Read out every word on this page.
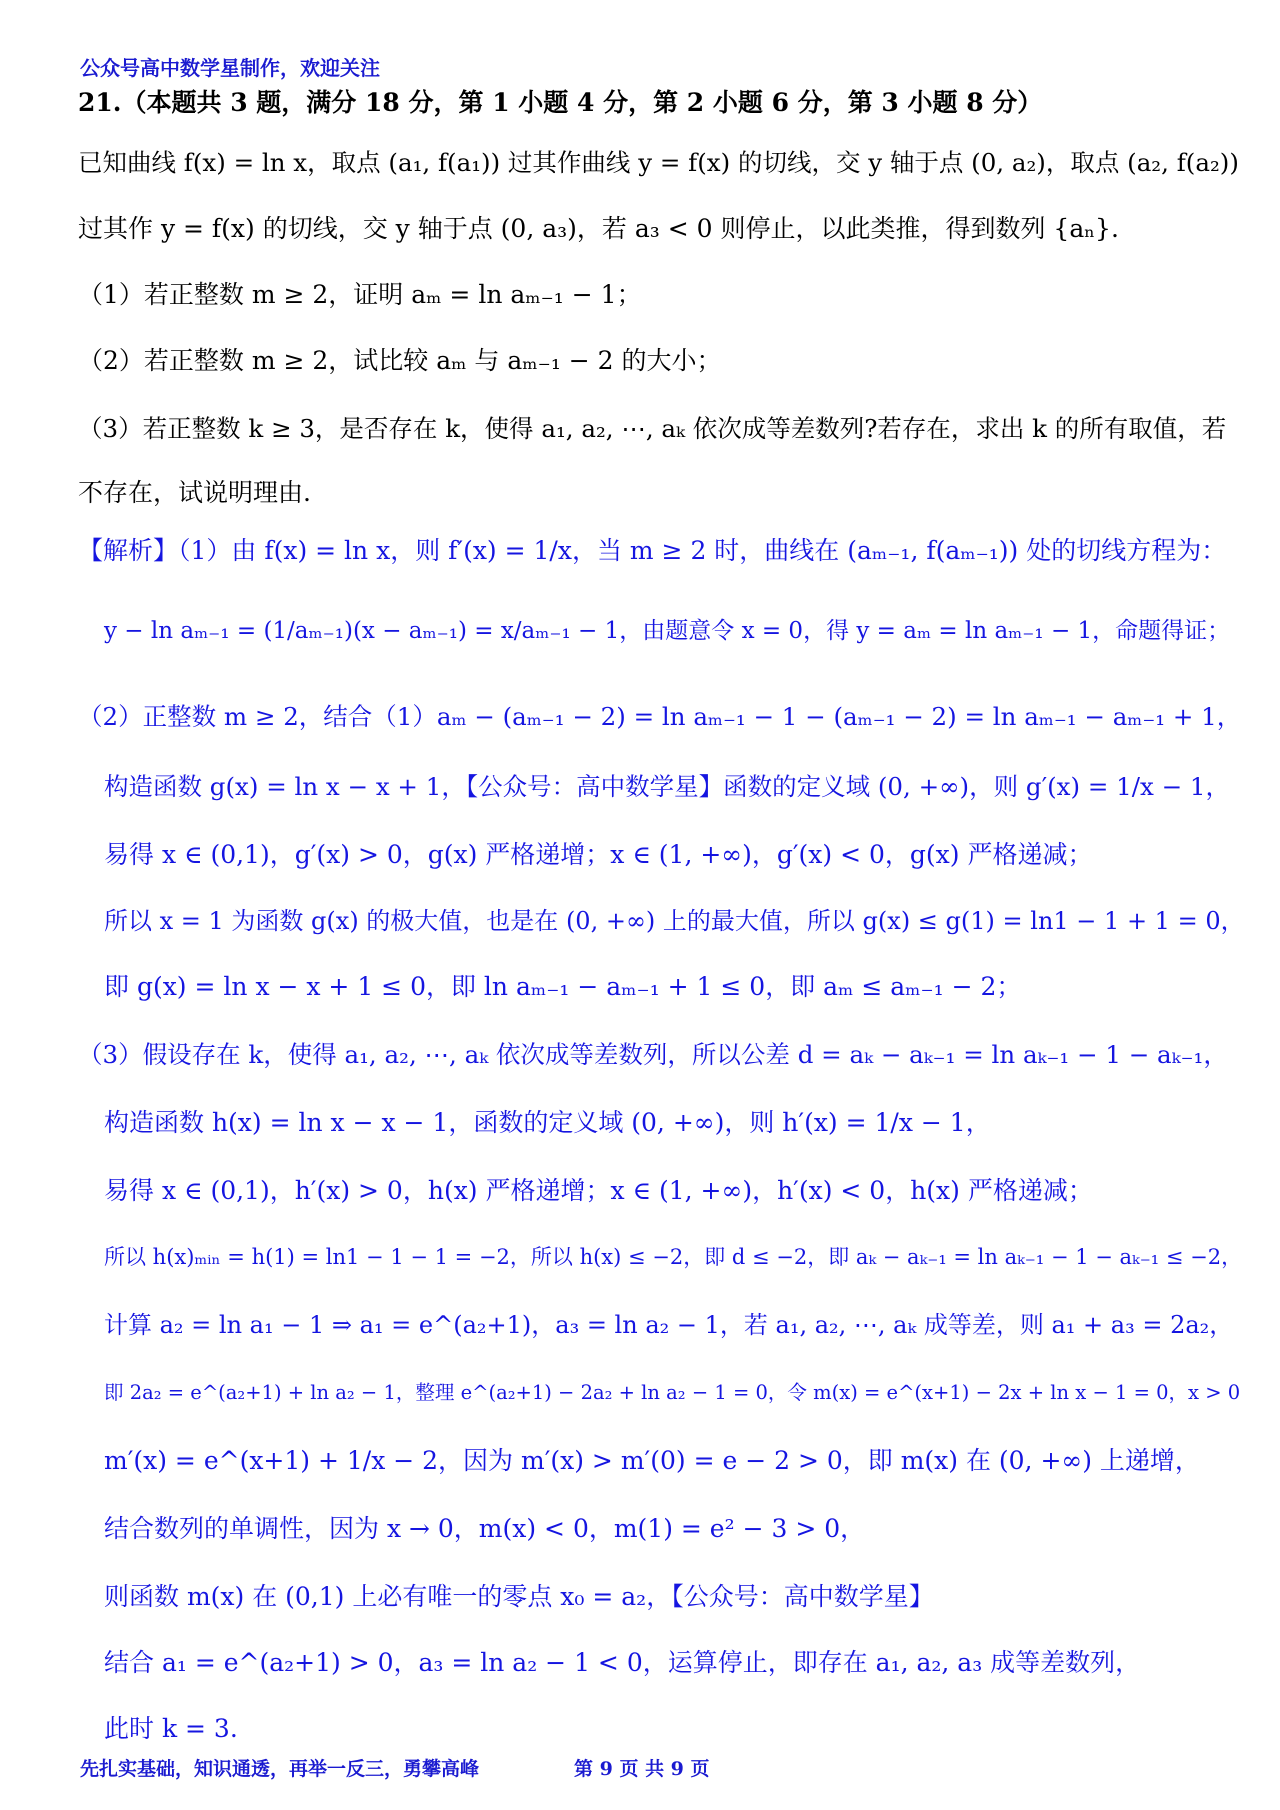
公众号高中数学星制作，欢迎关注
21.（本题共 3 题，满分 18 分，第 1 小题 4 分，第 2 小题 6 分，第 3 小题 8 分）
已知曲线 f(x) = ln x，取点 (a₁, f(a₁)) 过其作曲线 y = f(x) 的切线，交 y 轴于点 (0, a₂)，取点 (a₂, f(a₂))
过其作 y = f(x) 的切线，交 y 轴于点 (0, a₃)，若 a₃ < 0 则停止，以此类推，得到数列 {aₙ}.
（1）若正整数 m ≥ 2，证明 aₘ = ln aₘ₋₁ − 1；
（2）若正整数 m ≥ 2，试比较 aₘ 与 aₘ₋₁ − 2 的大小；
（3）若正整数 k ≥ 3，是否存在 k，使得 a₁, a₂, ⋯, aₖ 依次成等差数列?若存在，求出 k 的所有取值，若
不存在，试说明理由.
【解析】（1）由 f(x) = ln x，则 f′(x) = 1/x，当 m ≥ 2 时，曲线在 (aₘ₋₁, f(aₘ₋₁)) 处的切线方程为：
y − ln aₘ₋₁ = (1/aₘ₋₁)(x − aₘ₋₁) = x/aₘ₋₁ − 1，由题意令 x = 0，得 y = aₘ = ln aₘ₋₁ − 1，命题得证；
（2）正整数 m ≥ 2，结合（1）aₘ − (aₘ₋₁ − 2) = ln aₘ₋₁ − 1 − (aₘ₋₁ − 2) = ln aₘ₋₁ − aₘ₋₁ + 1，
构造函数 g(x) = ln x − x + 1，【公众号：高中数学星】函数的定义域 (0, +∞)，则 g′(x) = 1/x − 1，
易得 x ∈ (0,1)，g′(x) > 0，g(x) 严格递增；x ∈ (1, +∞)，g′(x) < 0，g(x) 严格递减；
所以 x = 1 为函数 g(x) 的极大值，也是在 (0, +∞) 上的最大值，所以 g(x) ≤ g(1) = ln1 − 1 + 1 = 0，
即 g(x) = ln x − x + 1 ≤ 0，即 ln aₘ₋₁ − aₘ₋₁ + 1 ≤ 0，即 aₘ ≤ aₘ₋₁ − 2；
（3）假设存在 k，使得 a₁, a₂, ⋯, aₖ 依次成等差数列，所以公差 d = aₖ − aₖ₋₁ = ln aₖ₋₁ − 1 − aₖ₋₁，
构造函数 h(x) = ln x − x − 1，函数的定义域 (0, +∞)，则 h′(x) = 1/x − 1，
易得 x ∈ (0,1)，h′(x) > 0，h(x) 严格递增；x ∈ (1, +∞)，h′(x) < 0，h(x) 严格递减；
所以 h(x)ₘᵢₙ = h(1) = ln1 − 1 − 1 = −2，所以 h(x) ≤ −2，即 d ≤ −2，即 aₖ − aₖ₋₁ = ln aₖ₋₁ − 1 − aₖ₋₁ ≤ −2，
计算 a₂ = ln a₁ − 1 ⇒ a₁ = e^(a₂+1)，a₃ = ln a₂ − 1，若 a₁, a₂, ⋯, aₖ 成等差，则 a₁ + a₃ = 2a₂，
即 2a₂ = e^(a₂+1) + ln a₂ − 1，整理 e^(a₂+1) − 2a₂ + ln a₂ − 1 = 0，令 m(x) = e^(x+1) − 2x + ln x − 1 = 0，x > 0
m′(x) = e^(x+1) + 1/x − 2，因为 m′(x) > m′(0) = e − 2 > 0，即 m(x) 在 (0, +∞) 上递增，
结合数列的单调性，因为 x → 0，m(x) < 0，m(1) = e² − 3 > 0，
则函数 m(x) 在 (0,1) 上必有唯一的零点 x₀ = a₂，【公众号：高中数学星】
结合 a₁ = e^(a₂+1) > 0，a₃ = ln a₂ − 1 < 0，运算停止，即存在 a₁, a₂, a₃ 成等差数列，
此时 k = 3.
先扎实基础，知识通透，再举一反三，勇攀高峰	第 9 页 共 9 页
